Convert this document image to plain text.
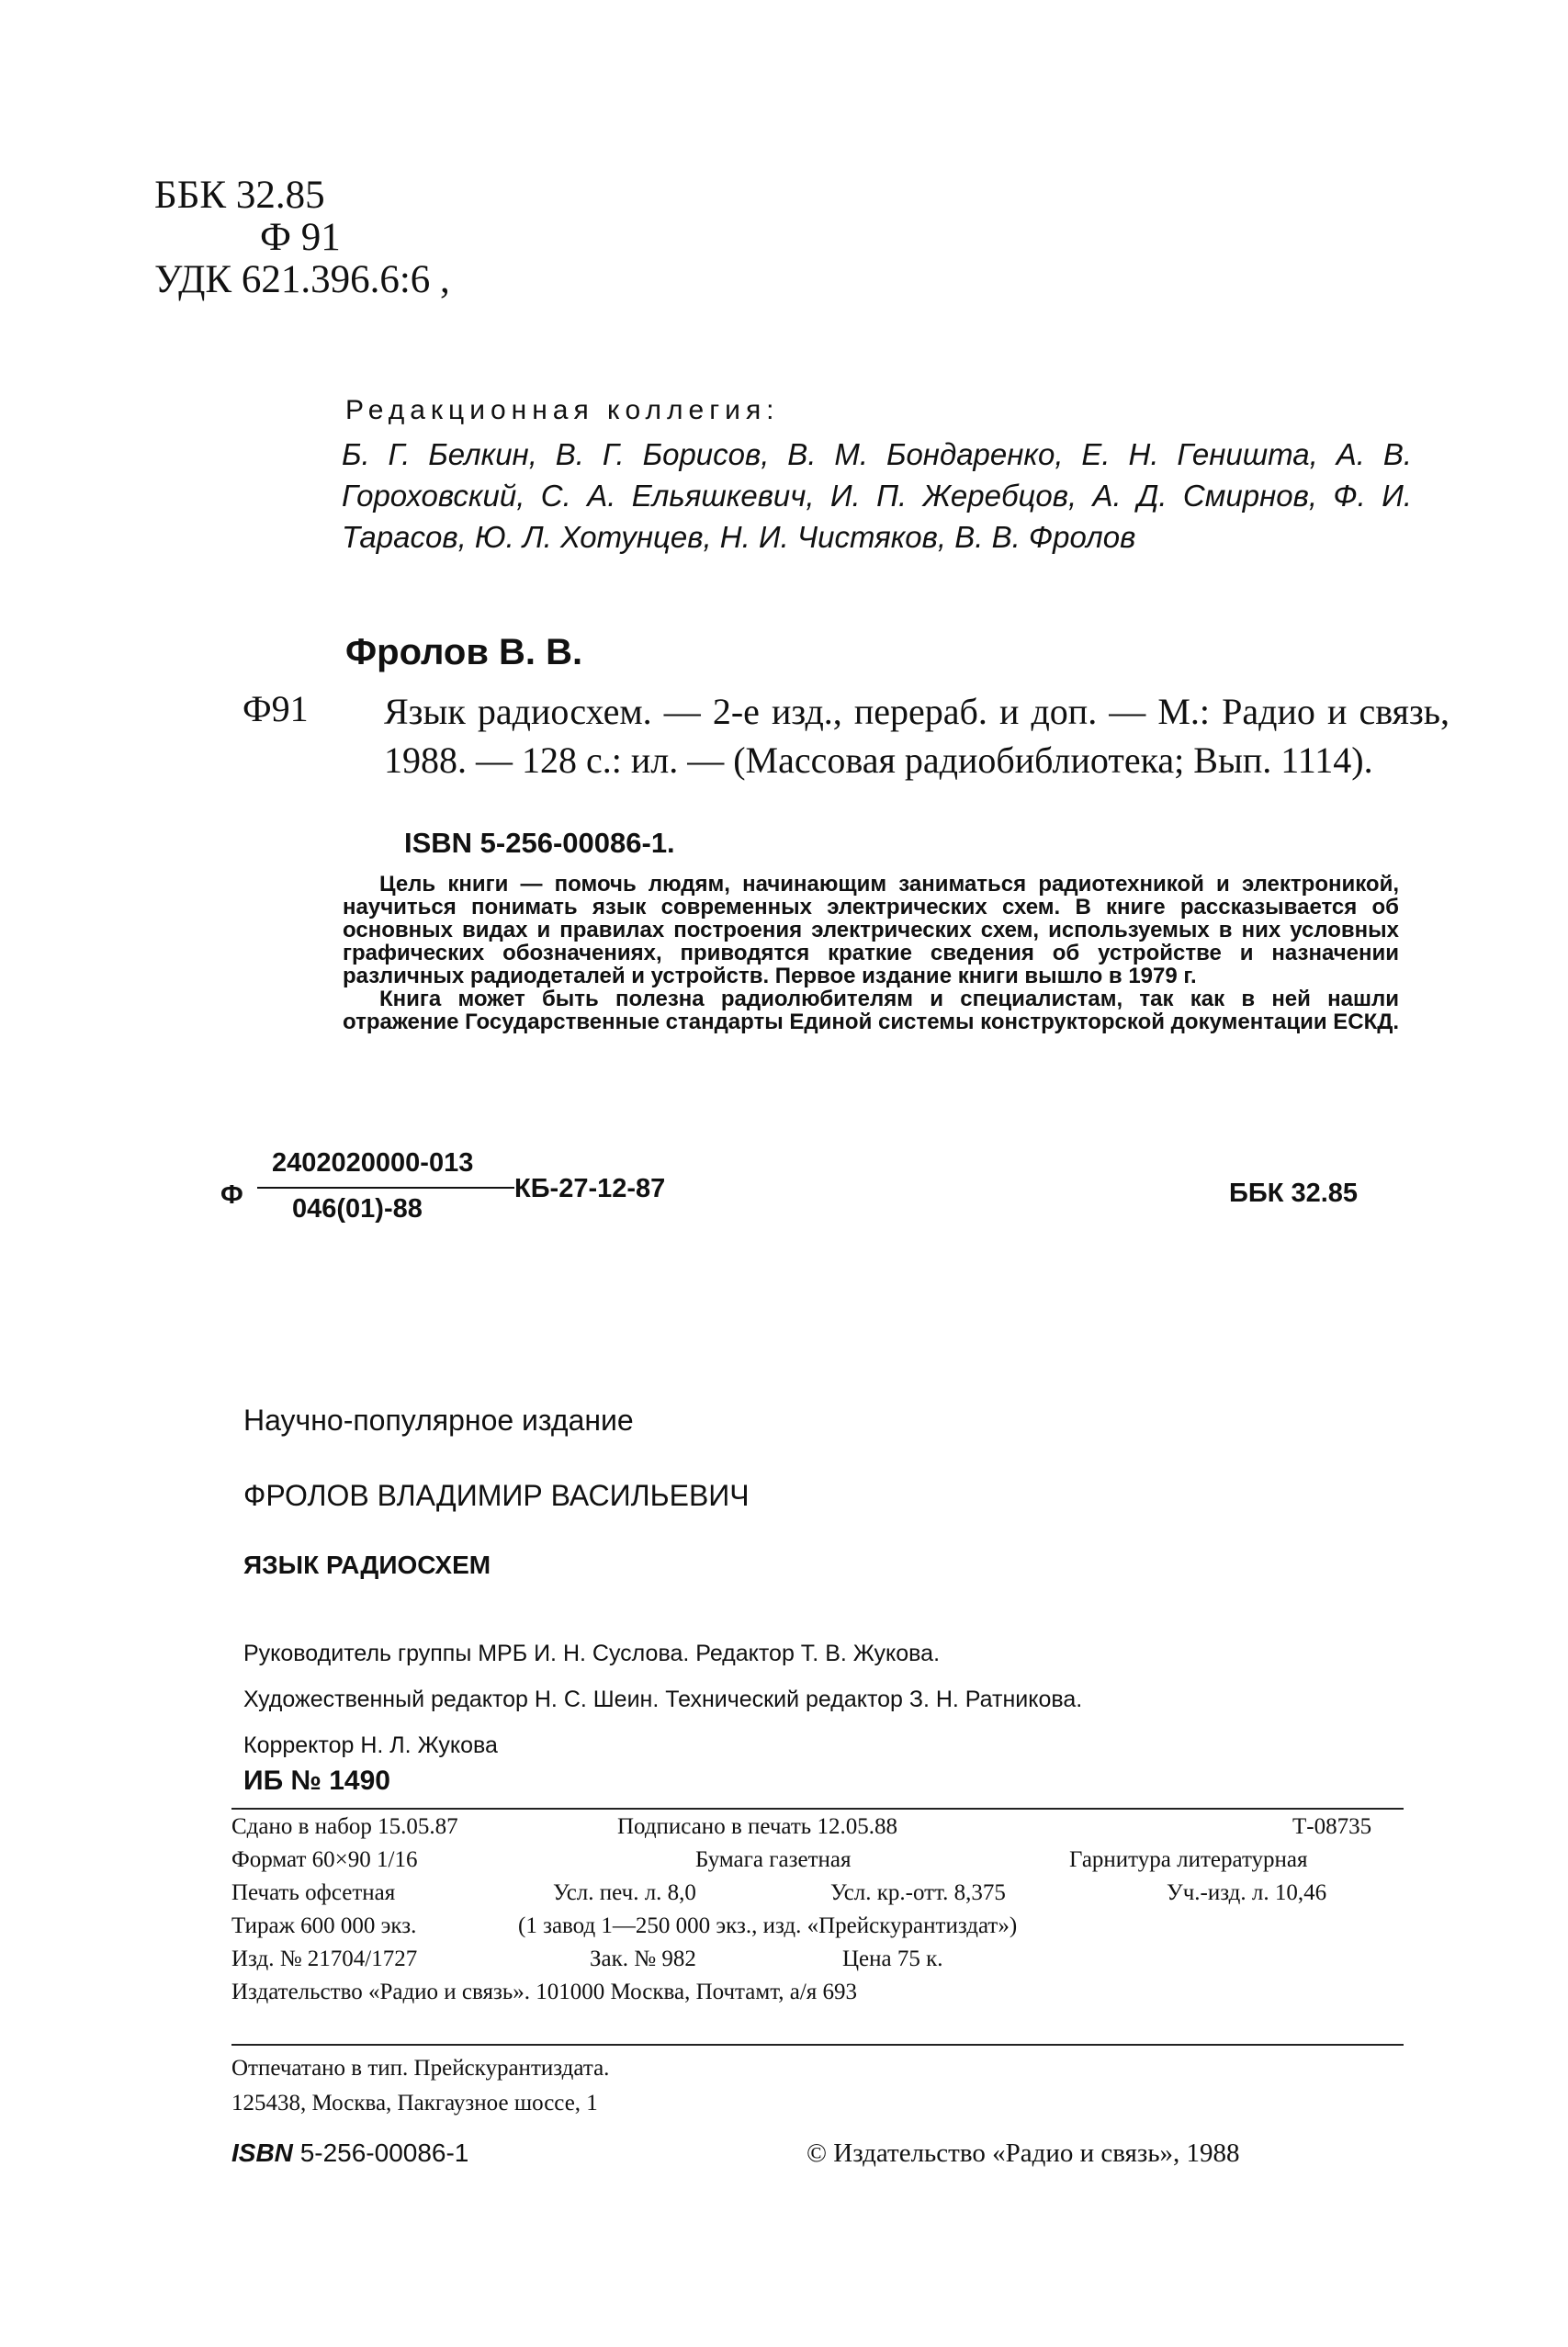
ББК 32.85
Ф 91
УДК 621.396.6:6 ,
Редакционная коллегия:
Б. Г. Белкин, В. Г. Борисов, В. М. Бондаренко, Е. Н. Геништа, А. В. Гороховский, С. А. Ельяшкевич, И. П. Жеребцов, А. Д. Смирнов, Ф. И. Тарасов, Ю. Л. Хотунцев, Н. И. Чистяков, В. В. Фролов
Фролов В. В.
Ф91 Язык радиосхем. — 2-е изд., перераб. и доп. — М.: Радио и связь, 1988. — 128 с.: ил. — (Массовая радиобиблиотека; Вып. 1114).
ISBN 5-256-00086-1.

Цель книги — помочь людям, начинающим заниматься радиотехникой и электроникой, научиться понимать язык современных электрических схем. В книге рассказывается об основных видах и правилах построения электрических схем, используемых в них условных графических обозначениях, приводятся краткие сведения об устройстве и назначении различных радиодеталей и устройств. Первое издание книги вышло в 1979 г.

Книга может быть полезна радиолюбителям и специалистам, так как в ней нашли отражение Государственные стандарты Единой системы конструкторской документации ЕСКД.

Ф
2402020000-013
046(01)-88
КБ-27-12-87	ББК 32.85
Научно-популярное издание
ФРОЛОВ ВЛАДИМИР ВАСИЛЬЕВИЧ
ЯЗЫК РАДИОСХЕМ
Руководитель группы МРБ И. Н. Суслова. Редактор Т. В. Жукова.
Художественный редактор Н. С. Шеин. Технический редактор З. Н. Ратникова.
Корректор Н. Л. Жукова
ИБ № 1490
Сдано в набор 15.05.87	Подписано в печать 12.05.88	Т-08735
Формат 60×90 1/16	Бумага газетная	Гарнитура литературная
Печать офсетная	Усл. печ. л. 8,0	Усл. кр.-отт. 8,375	Уч.-изд. л. 10,46
Тираж 600 000 экз.	(1 завод 1—250 000 экз., изд. «Прейскурантиздат»)
Изд. № 21704/1727	Зак. № 982	Цена 75 к.
Издательство «Радио и связь». 101000 Москва, Почтамт, а/я 693
Отпечатано в тип. Прейскурантиздата.
125438, Москва, Пакгаузное шоссе, 1
ISBN 5-256-00086-1	© Издательство «Радио и связь», 1988
